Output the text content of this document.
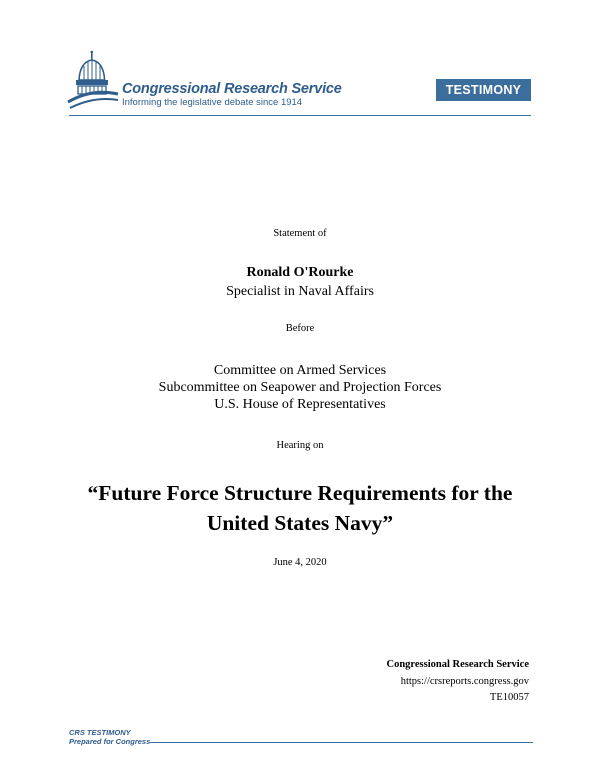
Congressional Research Service
Informing the legislative debate since 1914
TESTIMONY
Statement of
Ronald O'Rourke
Specialist in Naval Affairs
Before
Committee on Armed Services
Subcommittee on Seapower and Projection Forces
U.S. House of Representatives
Hearing on
“Future Force Structure Requirements for the
United States Navy”
June 4, 2020
Congressional Research Service
https://crsreports.congress.gov
TE10057
CRS TESTIMONY
Prepared for Congress
